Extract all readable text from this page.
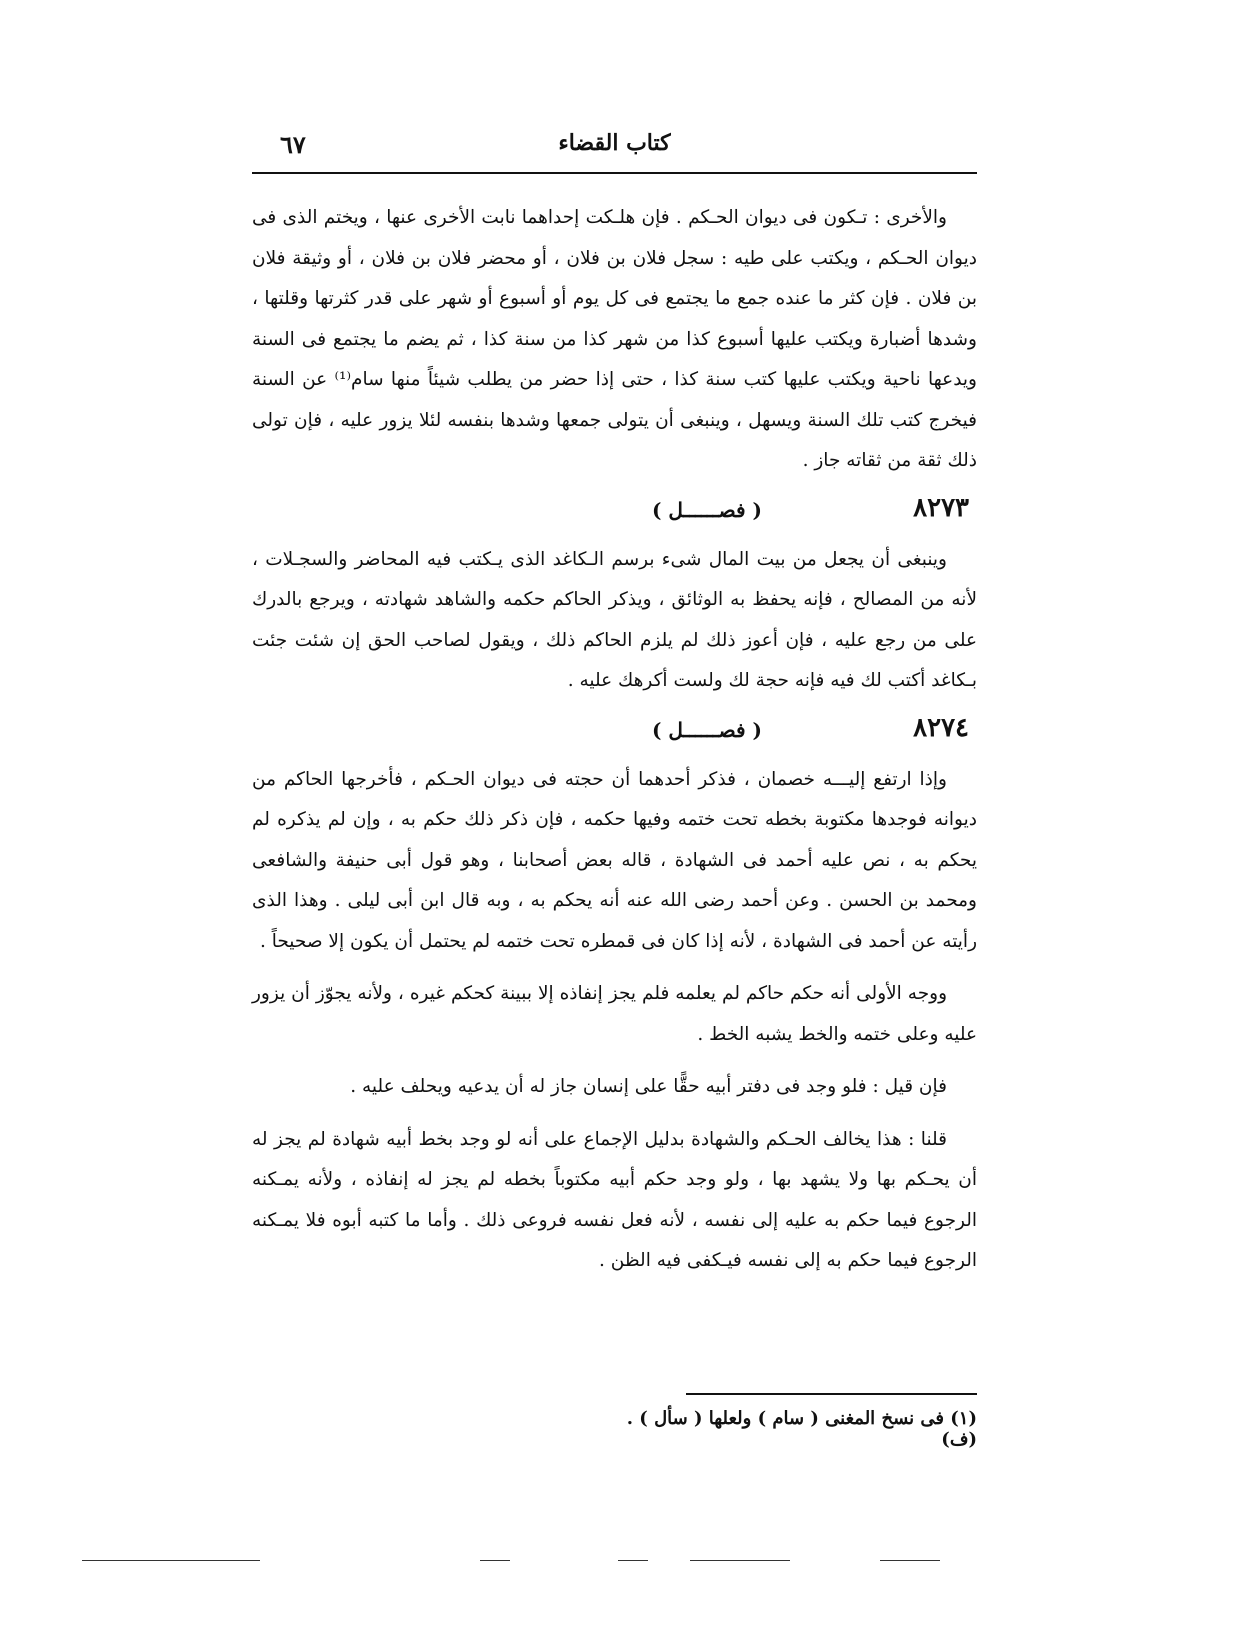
كتاب القضاء
٦٧

والأخرى : تـكون فى ديوان الحـكم . فإن هلـكت إحداهما نابت الأخرى عنها ، ويختم الذى فى ديوان الحـكم ، ويكتب على طيه : سجل فلان بن فلان ، أو محضر فلان بن فلان ، أو وثيقة فلان بن فلان . فإن كثر ما عنده جمع ما يجتمع فى كل يوم أو أسبوع أو شهر على قدر كثرتها وقلتها ، وشدها أضبارة ويكتب عليها أسبوع كذا من شهر كذا من سنة كذا ، ثم يضم ما يجتمع فى السنة ويدعها ناحية ويكتب عليها كتب سنة كذا ، حتى إذا حضر من يطلب شيئاً منها سام⁽¹⁾ عن السنة فيخرج كتب تلك السنة ويسهل ، وينبغى أن يتولى جمعها وشدها بنفسه لئلا يزور عليه ، فإن تولى ذلك ثقة من ثقاته جاز .

٨٢٧٣
( فصــــــل )

وينبغى أن يجعل من بيت المال شىء برسم الـكاغد الذى يـكتب فيه المحاضر والسجـلات ، لأنه من المصالح ، فإنه يحفظ به الوثائق ، ويذكر الحاكم حكمه والشاهد شهادته ، ويرجع بالدرك على من رجع عليه ، فإن أعوز ذلك لم يلزم الحاكم ذلك ، ويقول لصاحب الحق إن شئت جئت بـكاغد أكتب لك فيه فإنه حجة لك ولست أكرهك عليه .

٨٢٧٤
( فصــــــل )

وإذا ارتفع إليـــه خصمان ، فذكر أحدهما أن حجته فى ديوان الحـكم ، فأخرجها الحاكم من ديوانه فوجدها مكتوبة بخطه تحت ختمه وفيها حكمه ، فإن ذكر ذلك حكم به ، وإن لم يذكره لم يحكم به ، نص عليه أحمد فى الشهادة ، قاله بعض أصحابنا ، وهو قول أبى حنيفة والشافعى ومحمد بن الحسن . وعن أحمد رضى الله عنه أنه يحكم به ، وبه قال ابن أبى ليلى . وهذا الذى رأيته عن أحمد فى الشهادة ، لأنه إذا كان فى قمطره تحت ختمه لم يحتمل أن يكون إلا صحيحاً .

ووجه الأولى أنه حكم حاكم لم يعلمه فلم يجز إنفاذه إلا ببينة كحكم غيره ، ولأنه يجوّز أن يزور عليه وعلى ختمه والخط يشبه الخط .

فإن قيل : فلو وجد فى دفتر أبيه حقًّا على إنسان جاز له أن يدعيه ويحلف عليه .

قلنا : هذا يخالف الحـكم والشهادة بدليل الإجماع على أنه لو وجد بخط أبيه شهادة لم يجز له أن يحـكم بها ولا يشهد بها ، ولو وجد حكم أبيه مكتوباً بخطه لم يجز له إنفاذه ، ولأنه يمـكنه الرجوع فيما حكم به عليه إلى نفسه ، لأنه فعل نفسه فروعى ذلك . وأما ما كتبه أبوه فلا يمـكنه الرجوع فيما حكم به إلى نفسه فيـكفى فيه الظن .

(١) فى نسخ المغنى ( سام ) ولعلها ( سأل ) . (ف)
